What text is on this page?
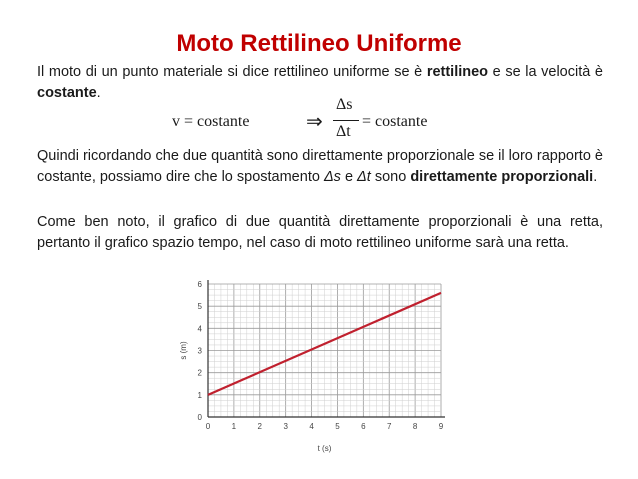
Moto Rettilineo Uniforme

Il moto di un punto materiale si dice rettilineo uniforme se è rettilineo e se la velocità è costante.

v = costante	⇒
Δs
Δt
= costante

Quindi ricordando che due quantità sono direttamente proporzionale se il loro rapporto è costante, possiamo dire che lo spostamento Δs e Δt sono direttamente proporzionali.

Come ben noto, il grafico di due quantità direttamente proporzionali è una retta, pertanto il grafico spazio tempo, nel caso di moto rettilineo uniforme sarà una retta.

0	1	2	3	4	5	6	7	8	9
0
1
2
3
4
5
6
t (s)
s (m)
